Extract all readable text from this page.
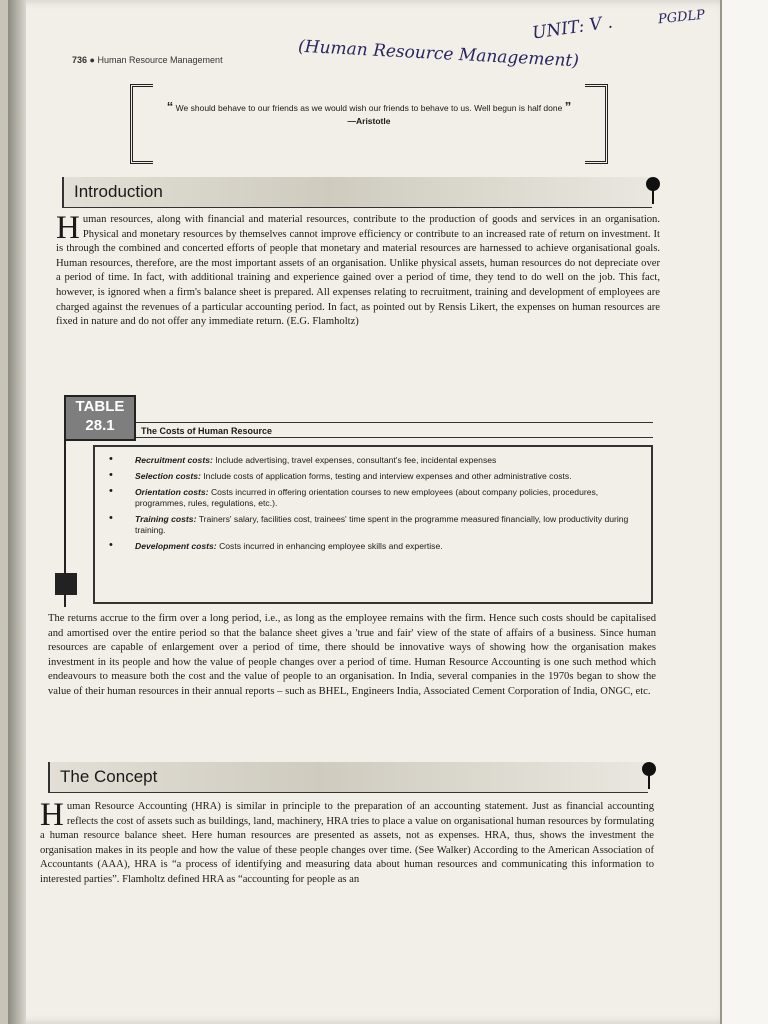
736 ● Human Resource Management
UNIT: V .	PGDLP
(Human Resource Management)
“ We should behave to our friends as we would wish our friends to behave to us. Well begun is half done ”
—Aristotle
Introduction

Human resources, along with financial and material resources, contribute to the production of goods and services in an organisation. Physical and monetary resources by themselves cannot improve efficiency or contribute to an increased rate of return on investment. It is through the combined and concerted efforts of people that monetary and material resources are harnessed to achieve organisational goals. Human resources, therefore, are the most important assets of an organisation. Unlike physical assets, human resources do not depreciate over a period of time. In fact, with additional training and experience gained over a period of time, they tend to do well on the job. This fact, however, is ignored when a firm's balance sheet is prepared. All expenses relating to recruitment, training and development of employees are charged against the revenues of a particular accounting period. In fact, as pointed out by Rensis Likert, the expenses on human resources are fixed in nature and do not offer any immediate return. (E.G. Flamholtz)

TABLE
28.1	The Costs of Human Resource
• Recruitment costs: Include advertising, travel expenses, consultant's fee, incidental expenses
• Selection costs: Include costs of application forms, testing and interview expenses and other administrative costs.
• Orientation costs: Costs incurred in offering orientation courses to new employees (about company policies, procedures, programmes, rules, regulations, etc.).
• Training costs: Trainers' salary, facilities cost, trainees' time spent in the programme measured financially, low productivity during training.
• Development costs: Costs incurred in enhancing employee skills and expertise.

The returns accrue to the firm over a long period, i.e., as long as the employee remains with the firm. Hence such costs should be capitalised and amortised over the entire period so that the balance sheet gives a 'true and fair' view of the state of affairs of a business. Since human resources are capable of enlargement over a period of time, there should be innovative ways of showing how the organisation makes investment in its people and how the value of people changes over a period of time. Human Resource Accounting is one such method which endeavours to measure both the cost and the value of people to an organisation. In India, several companies in the 1970s began to show the value of their human resources in their annual reports – such as BHEL, Engineers India, Associated Cement Corporation of India, ONGC, etc.

The Concept

Human Resource Accounting (HRA) is similar in principle to the preparation of an accounting statement. Just as financial accounting reflects the cost of assets such as buildings, land, machinery, HRA tries to place a value on organisational human resources by formulating a human resource balance sheet. Here human resources are presented as assets, not as expenses. HRA, thus, shows the investment the organisation makes in its people and how the value of these people changes over time. (See Walker) According to the American Association of Accountants (AAA), HRA is “a process of identifying and measuring data about human resources and communicating this information to interested parties”. Flamholtz defined HRA as “accounting for people as an
